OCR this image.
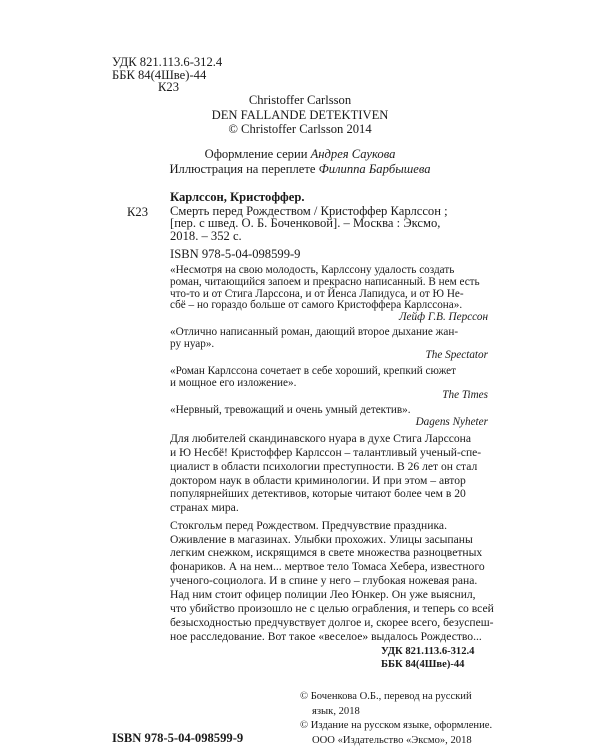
УДК 821.113.6-312.4
ББК 84(4Шве)-44
К23
Christoffer Carlsson
DEN FALLANDE DETEKTIVEN
© Christoffer Carlsson 2014
Оформление серии Андрея Саукова
Иллюстрация на переплете Филиппа Барбышева
Карлссон, Кристоффер.
К23 Смерть перед Рождеством / Кристоффер Карлссон ;
[пер. с швед. О. Б. Боченковой]. – Москва : Эксмо,
2018. – 352 с.
ISBN 978-5-04-098599-9
«Несмотря на свою молодость, Карлссону удалость создать
роман, читающийся запоем и прекрасно написанный. В нем есть
что-то и от Стига Ларссона, и от Йенса Лапидуса, и от Ю Не-
сбё – но гораздо больше от самого Кристоффера Карлссона».
Лейф Г.В. Перссон
«Отлично написанный роман, дающий второе дыхание жан-
ру нуар».
The Spectator
«Роман Карлссона сочетает в себе хороший, крепкий сюжет
и мощное его изложение».
The Times
«Нервный, тревожащий и очень умный детектив».
Dagens Nyheter
Для любителей скандинавского нуара в духе Стига Ларссона
и Ю Несбё! Кристоффер Карлссон – талантливый ученый-спе-
циалист в области психологии преступности. В 26 лет он стал
доктором наук в области криминологии. И при этом – автор
популярнейших детективов, которые читают более чем в 20
странах мира.
Стокгольм перед Рождеством. Предчувствие праздника.
Оживление в магазинах. Улыбки прохожих. Улицы засыпаны
легким снежком, искрящимся в свете множества разноцветных
фонариков. А на нем... мертвое тело Томаса Хебера, известного
ученого-социолога. И в спине у него – глубокая ножевая рана.
Над ним стоит офицер полиции Лео Юнкер. Он уже выяснил,
что убийство произошло не с целью ограбления, и теперь со всей
безысходностью предчувствует долгое и, скорее всего, безуспеш-
ное расследование. Вот такое «веселое» выдалось Рождество...
УДК 821.113.6-312.4
ББК 84(4Шве)-44
ISBN 978-5-04-098599-9
© Боченкова О.Б., перевод на русский
язык, 2018
© Издание на русском языке, оформление.
ООО «Издательство «Эксмо», 2018
